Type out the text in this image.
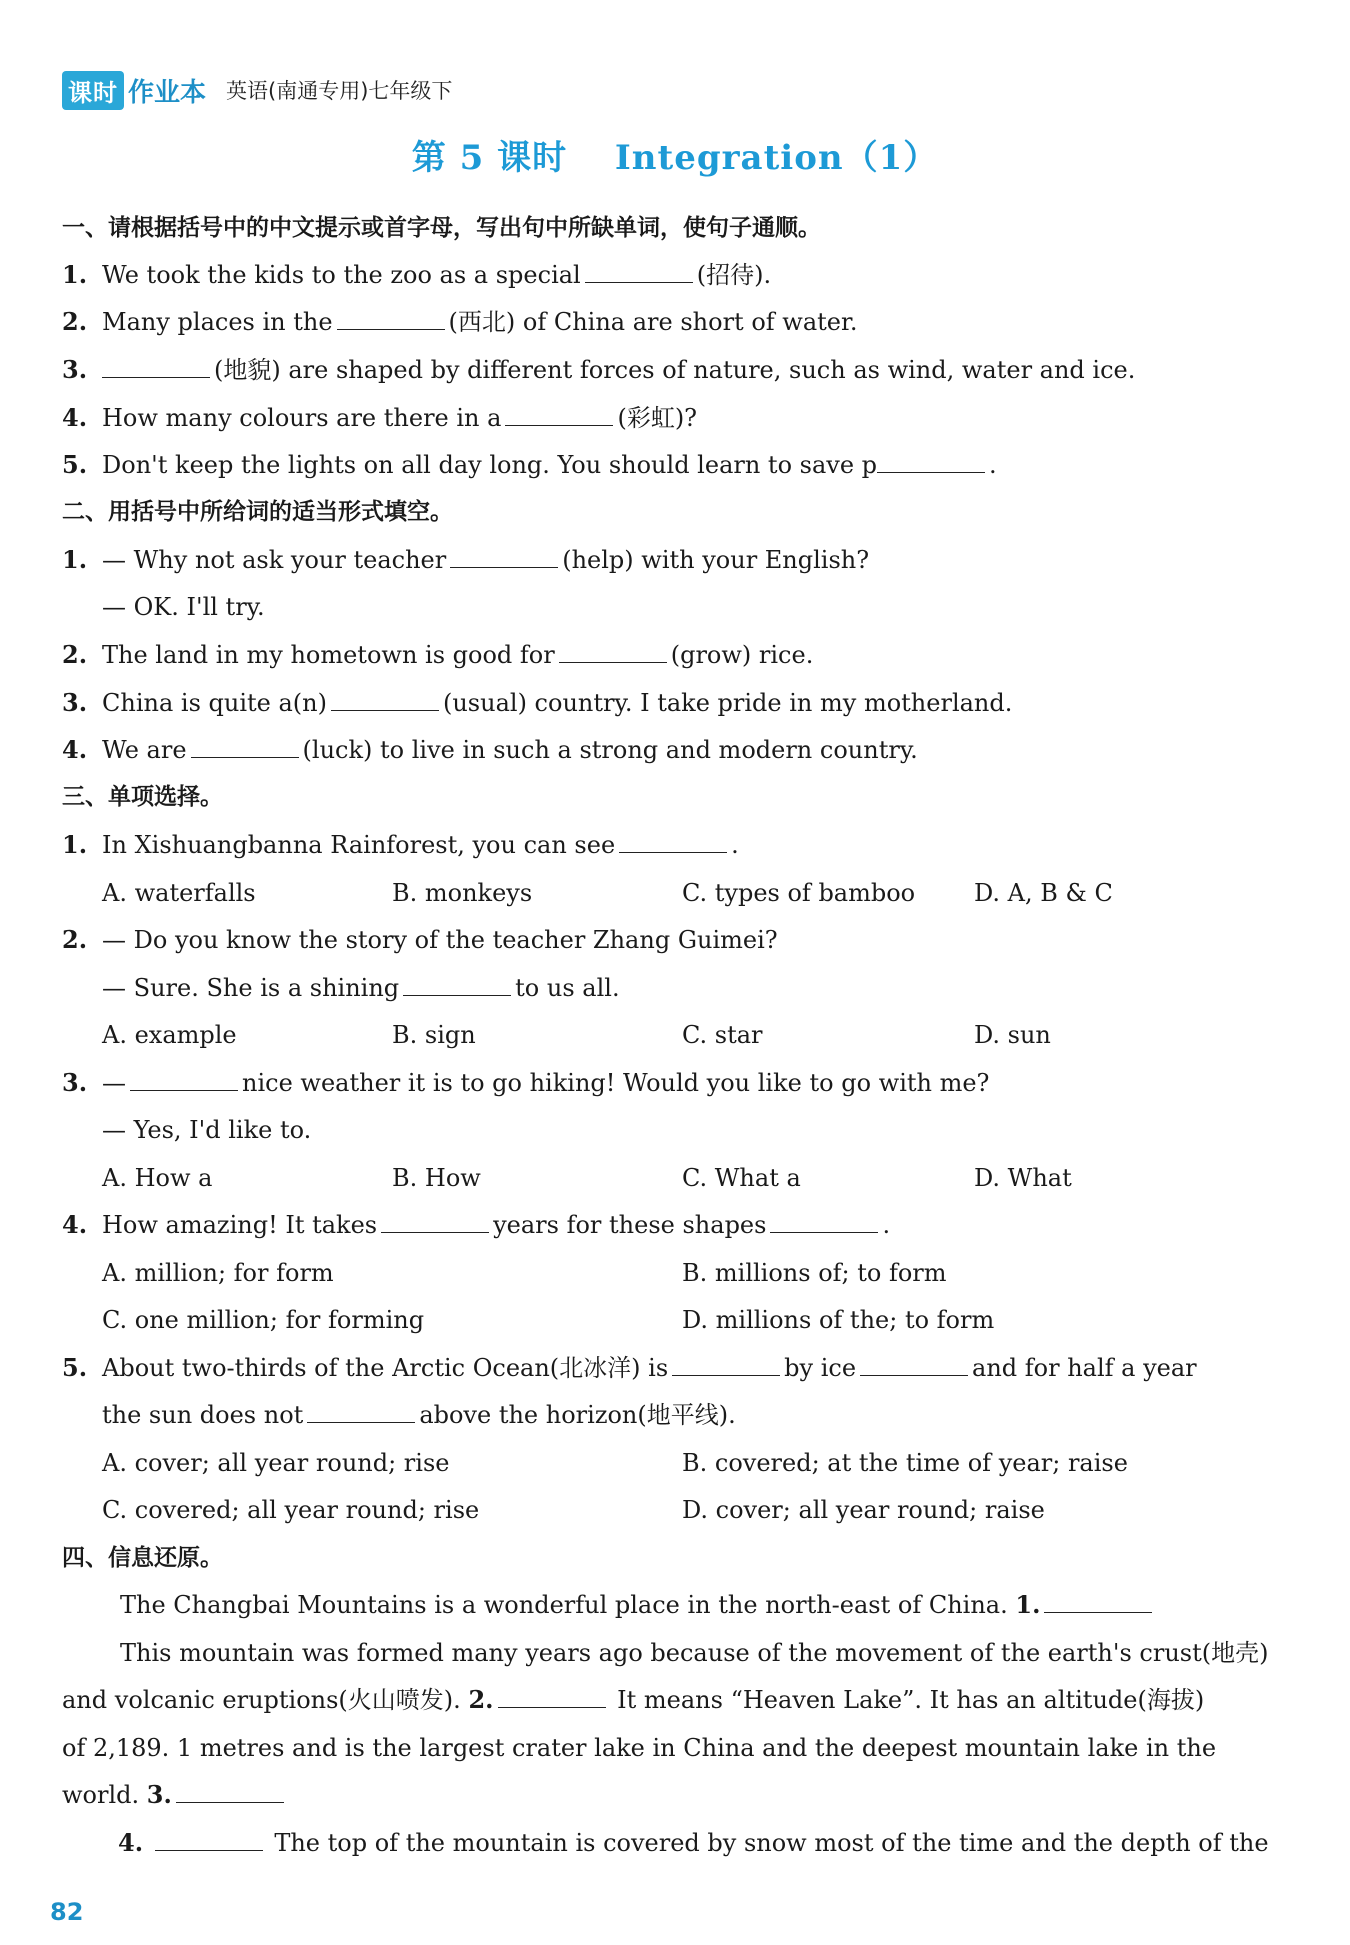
课时 作业本 英语(南通专用)七年级下
第 5 课时　 Integration（1）
一、请根据括号中的中文提示或首字母，写出句中所缺单词，使句子通顺。
1. We took the kids to the zoo as a special	(招待).
2. Many places in the	(西北) of China are short of water.
3.	(地貌) are shaped by different forces of nature, such as wind, water and ice.
4. How many colours are there in a	(彩虹)?
5. Don't keep the lights on all day long. You should learn to save p	.
二、用括号中所给词的适当形式填空。
1. — Why not ask your teacher	(help) with your English?
— OK. I'll try.
2. The land in my hometown is good for	(grow) rice.
3. China is quite a(n)	(usual) country. I take pride in my motherland.
4. We are	(luck) to live in such a strong and modern country.
三、单项选择。
1. In Xishuangbanna Rainforest, you can see	.
A. waterfalls	B. monkeys	C. types of bamboo D. A, B & C
2. — Do you know the story of the teacher Zhang Guimei?
— Sure. She is a shining	to us all.
A. example	B. sign	C. star	D. sun
3. —	nice weather it is to go hiking! Would you like to go with me?
— Yes, I'd like to.
A. How a	B. How	C. What a	D. What
4. How amazing! It takes	years for these shapes	.
A. million; for form	B. millions of; to form
C. one million; for forming	D. millions of the; to form
5. About two-thirds of the Arctic Ocean(北冰洋) is	by ice	and for half a year
the sun does not	above the horizon(地平线).
A. cover; all year round; rise	B. covered; at the time of year; raise
C. covered; all year round; rise	D. cover; all year round; raise
四、信息还原。
The Changbai Mountains is a wonderful place in the north-east of China. 1.
This mountain was formed many years ago because of the movement of the earth's crust(地壳)
and volcanic eruptions(火山喷发). 2.	It means “Heaven Lake”. It has an altitude(海拔)
of 2,189. 1 metres and is the largest crater lake in China and the deepest mountain lake in the
world. 3.
4.	The top of the mountain is covered by snow most of the time and the depth of the
82
